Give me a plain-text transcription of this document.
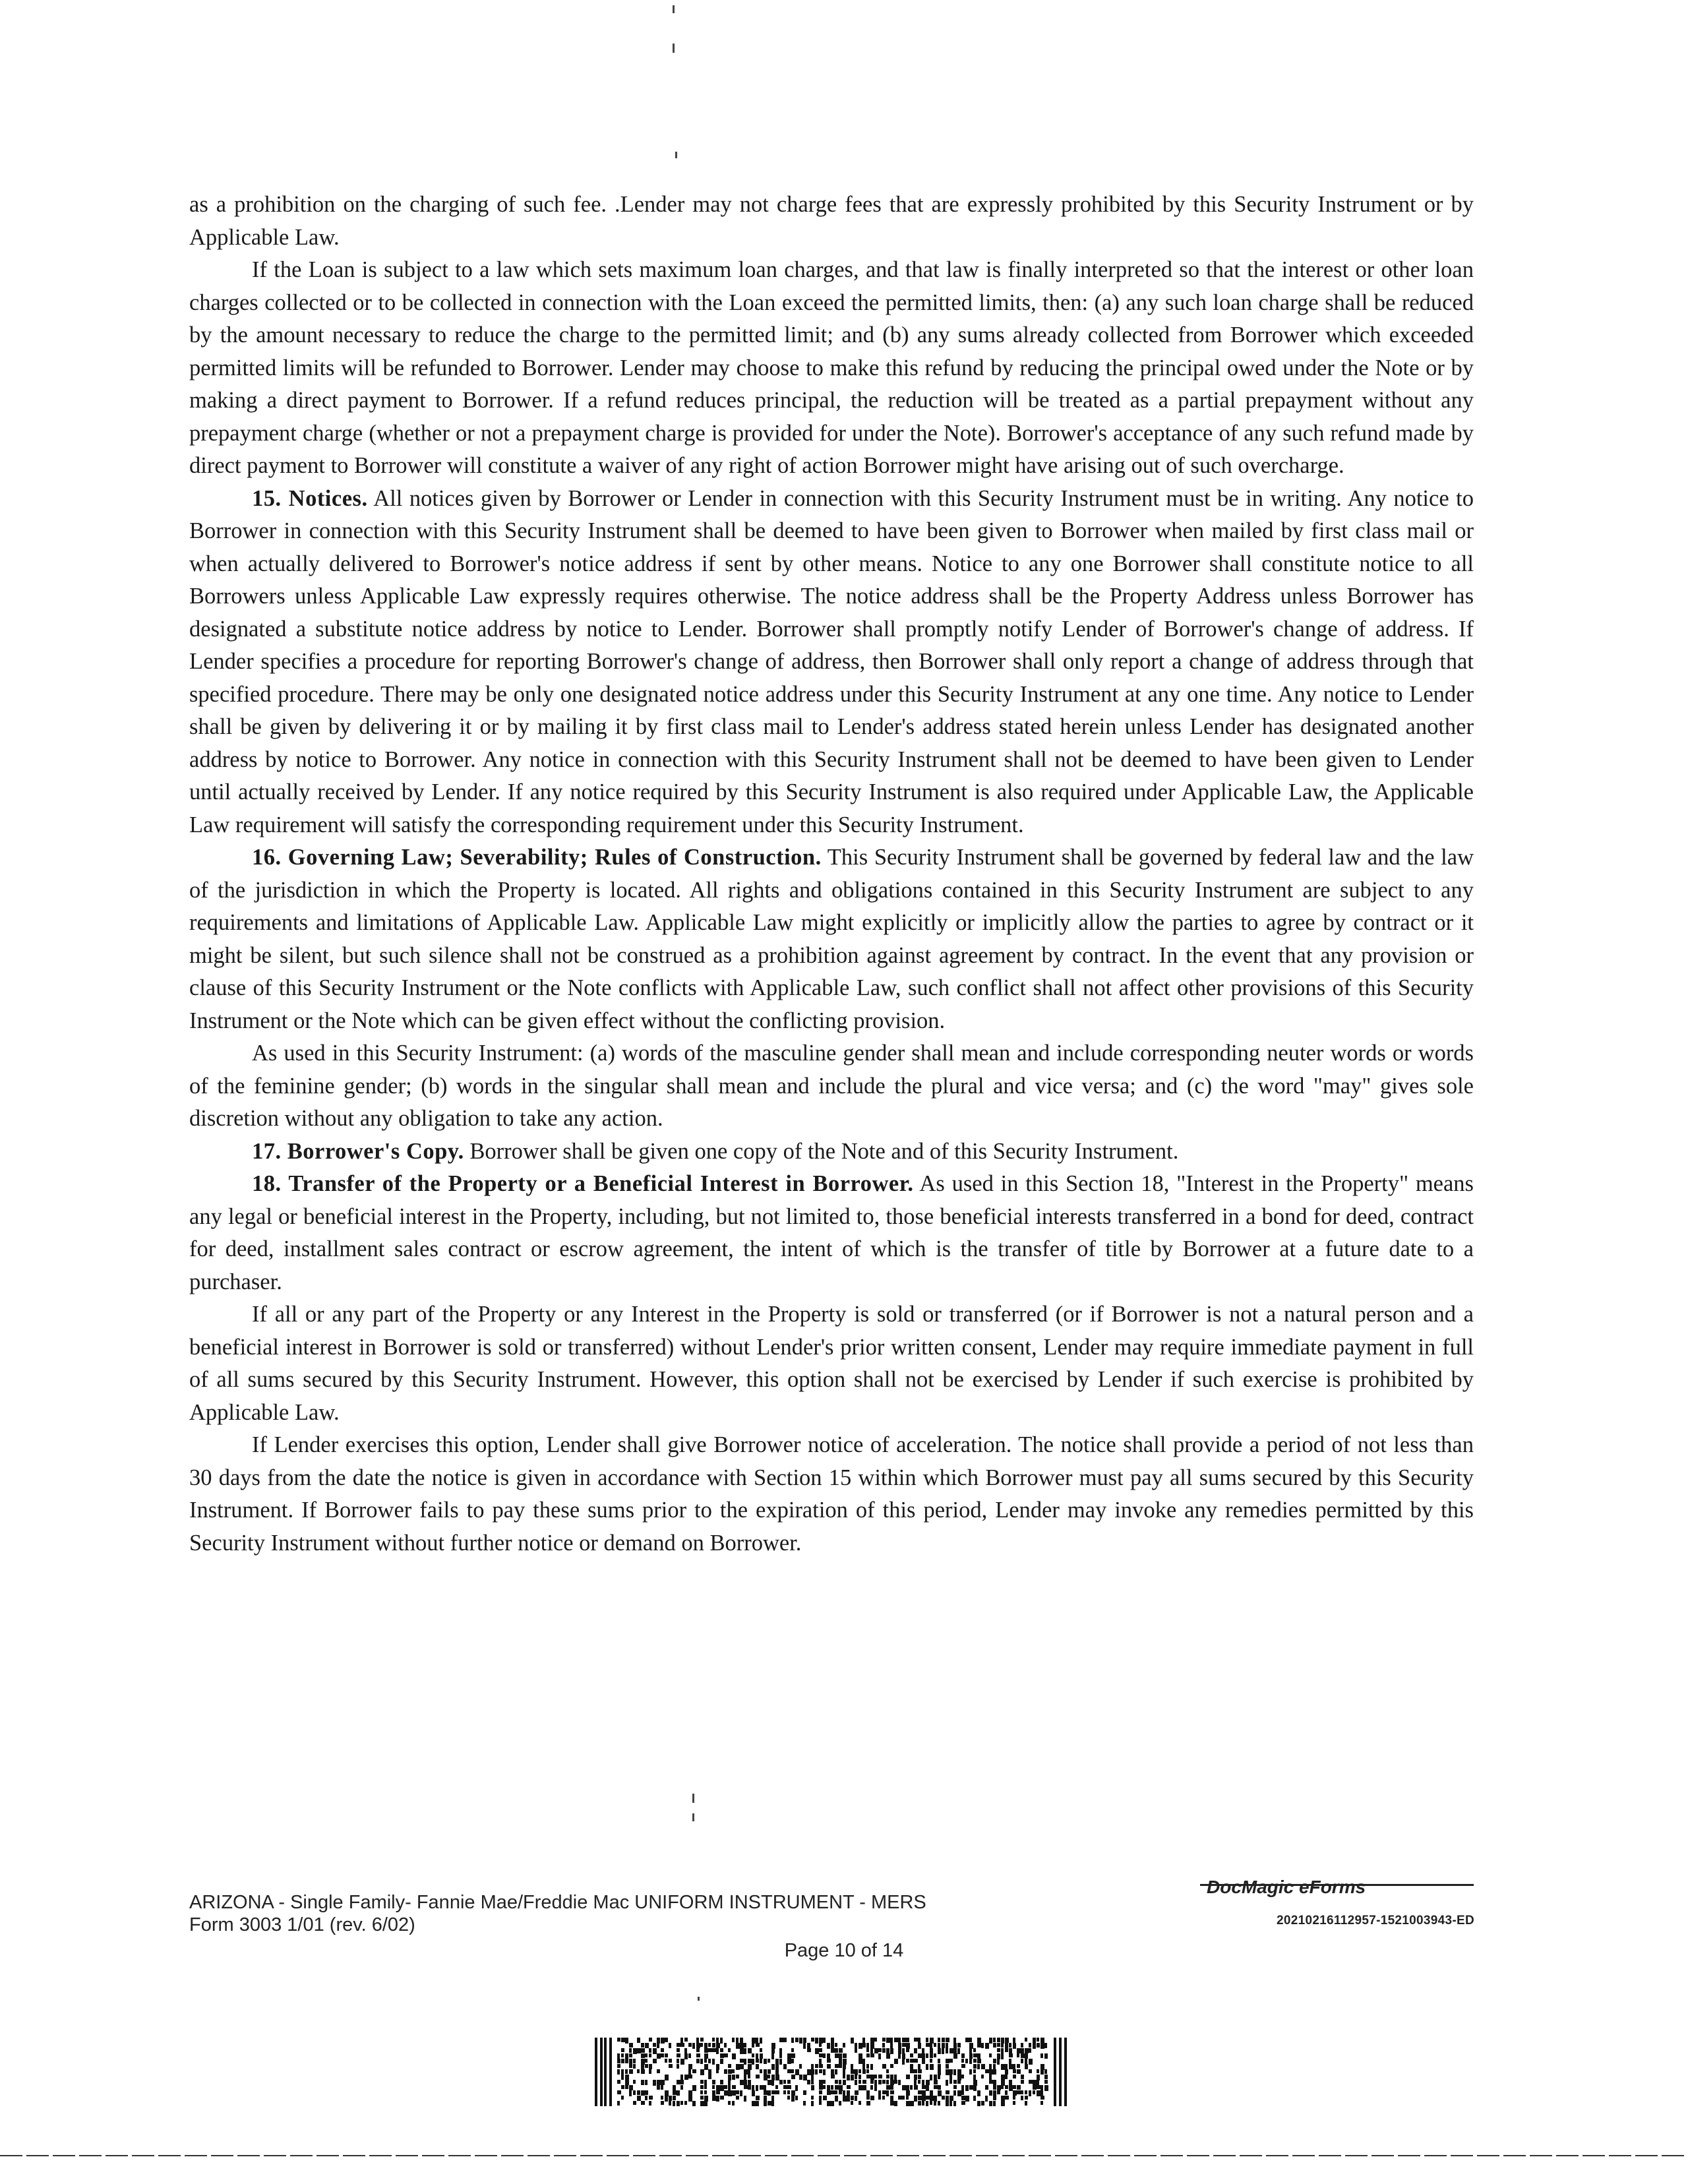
as a prohibition on the charging of such fee. .Lender may not charge fees that are expressly prohibited by this Security Instrument or by Applicable Law.

If the Loan is subject to a law which sets maximum loan charges, and that law is finally interpreted so that the interest or other loan charges collected or to be collected in connection with the Loan exceed the permitted limits, then: (a) any such loan charge shall be reduced by the amount necessary to reduce the charge to the permitted limit; and (b) any sums already collected from Borrower which exceeded permitted limits will be refunded to Borrower. Lender may choose to make this refund by reducing the principal owed under the Note or by making a direct payment to Borrower. If a refund reduces principal, the reduction will be treated as a partial prepayment without any prepayment charge (whether or not a prepayment charge is provided for under the Note). Borrower's acceptance of any such refund made by direct payment to Borrower will constitute a waiver of any right of action Borrower might have arising out of such overcharge.

15. Notices. All notices given by Borrower or Lender in connection with this Security Instrument must be in writing. Any notice to Borrower in connection with this Security Instrument shall be deemed to have been given to Borrower when mailed by first class mail or when actually delivered to Borrower's notice address if sent by other means. Notice to any one Borrower shall constitute notice to all Borrowers unless Applicable Law expressly requires otherwise. The notice address shall be the Property Address unless Borrower has designated a substitute notice address by notice to Lender. Borrower shall promptly notify Lender of Borrower's change of address. If Lender specifies a procedure for reporting Borrower's change of address, then Borrower shall only report a change of address through that specified procedure. There may be only one designated notice address under this Security Instrument at any one time. Any notice to Lender shall be given by delivering it or by mailing it by first class mail to Lender's address stated herein unless Lender has designated another address by notice to Borrower. Any notice in connection with this Security Instrument shall not be deemed to have been given to Lender until actually received by Lender. If any notice required by this Security Instrument is also required under Applicable Law, the Applicable Law requirement will satisfy the corresponding requirement under this Security Instrument.

16. Governing Law; Severability; Rules of Construction. This Security Instrument shall be governed by federal law and the law of the jurisdiction in which the Property is located. All rights and obligations contained in this Security Instrument are subject to any requirements and limitations of Applicable Law. Applicable Law might explicitly or implicitly allow the parties to agree by contract or it might be silent, but such silence shall not be construed as a prohibition against agreement by contract. In the event that any provision or clause of this Security Instrument or the Note conflicts with Applicable Law, such conflict shall not affect other provisions of this Security Instrument or the Note which can be given effect without the conflicting provision.

As used in this Security Instrument: (a) words of the masculine gender shall mean and include corresponding neuter words or words of the feminine gender; (b) words in the singular shall mean and include the plural and vice versa; and (c) the word "may" gives sole discretion without any obligation to take any action.

17. Borrower's Copy. Borrower shall be given one copy of the Note and of this Security Instrument.

18. Transfer of the Property or a Beneficial Interest in Borrower. As used in this Section 18, "Interest in the Property" means any legal or beneficial interest in the Property, including, but not limited to, those beneficial interests transferred in a bond for deed, contract for deed, installment sales contract or escrow agreement, the intent of which is the transfer of title by Borrower at a future date to a purchaser.

If all or any part of the Property or any Interest in the Property is sold or transferred (or if Borrower is not a natural person and a beneficial interest in Borrower is sold or transferred) without Lender's prior written consent, Lender may require immediate payment in full of all sums secured by this Security Instrument. However, this option shall not be exercised by Lender if such exercise is prohibited by Applicable Law.

If Lender exercises this option, Lender shall give Borrower notice of acceleration. The notice shall provide a period of not less than 30 days from the date the notice is given in accordance with Section 15 within which Borrower must pay all sums secured by this Security Instrument. If Borrower fails to pay these sums prior to the expiration of this period, Lender may invoke any remedies permitted by this Security Instrument without further notice or demand on Borrower.

DocMagic eForms
ARIZONA - Single Family- Fannie Mae/Freddie Mac UNIFORM INSTRUMENT - MERS
Form 3003 1/01 (rev. 6/02)	20210216112957-1521003943-ED
Page 10 of 14
